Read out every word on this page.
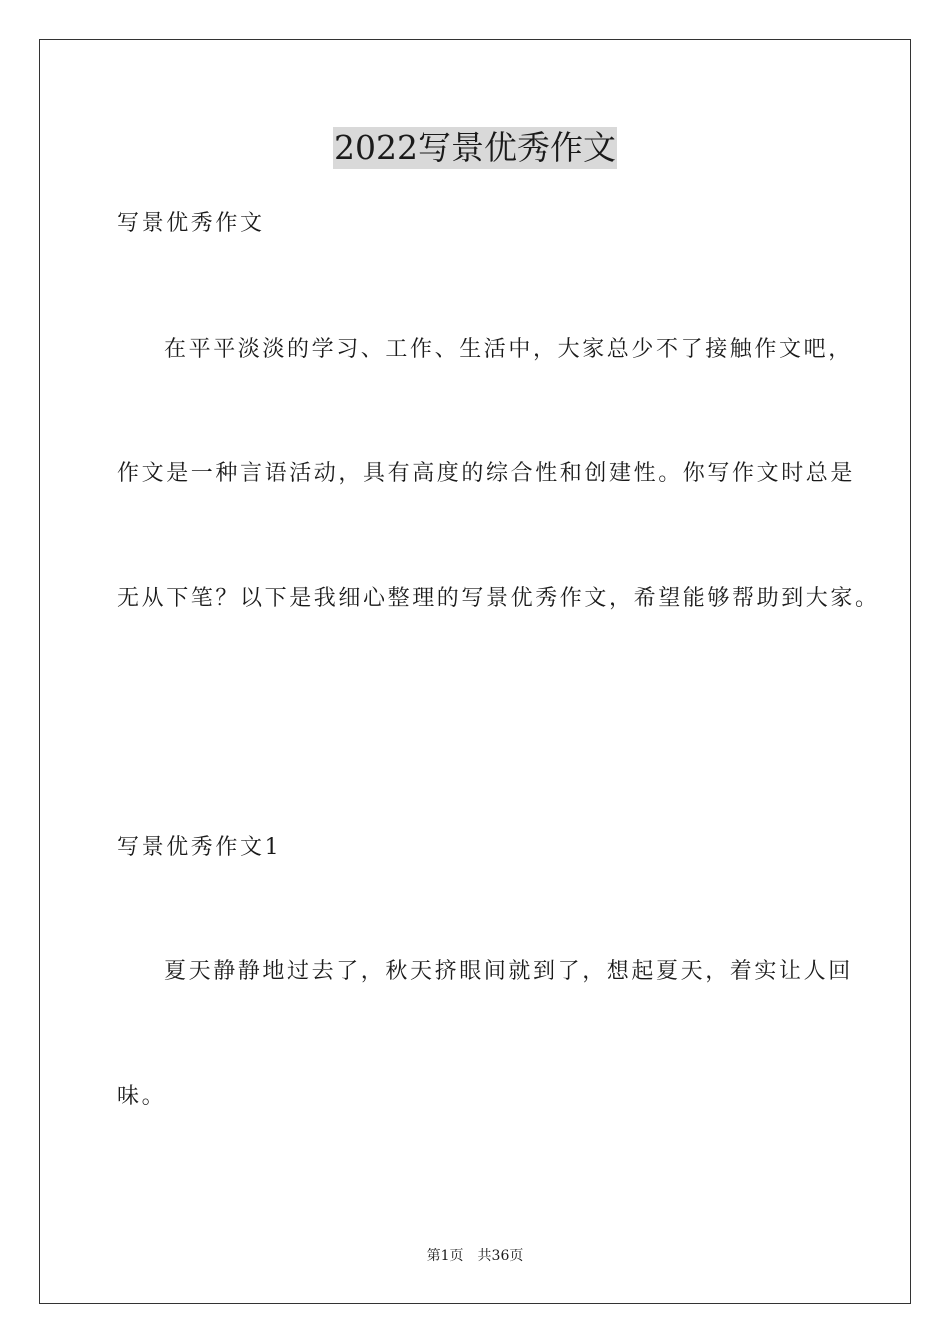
2022写景优秀作文
写景优秀作文
在平平淡淡的学习、工作、生活中，大家总少不了接触作文吧，
作文是一种言语活动，具有高度的综合性和创建性。你写作文时总是
无从下笔？以下是我细心整理的写景优秀作文，希望能够帮助到大家。
写景优秀作文1
夏天静静地过去了，秋天挤眼间就到了，想起夏天，着实让人回
味。
第1页 共36页
